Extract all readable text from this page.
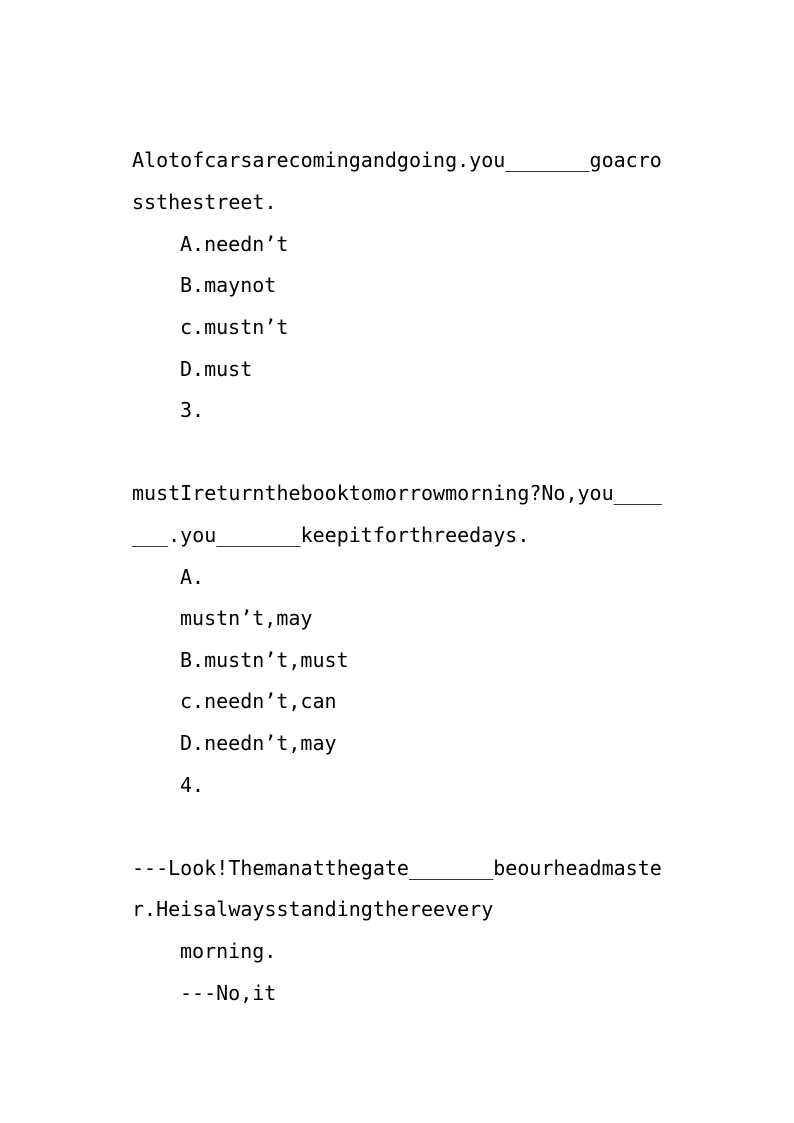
Alotofcarsarecomingandgoing.you_______goacro
ssthestreet.
A.needn’t
B.maynot
c.mustn’t
D.must
3.
mustIreturnthebooktomorrowmorning?No,you____
___.you_______keepitforthreedays.
A.
mustn’t,may
B.mustn’t,must
c.needn’t,can
D.needn’t,may
4.
---Look!Themanatthegate_______beourheadmaste
r.Heisalwaysstandingthereevery
morning.
---No,it
